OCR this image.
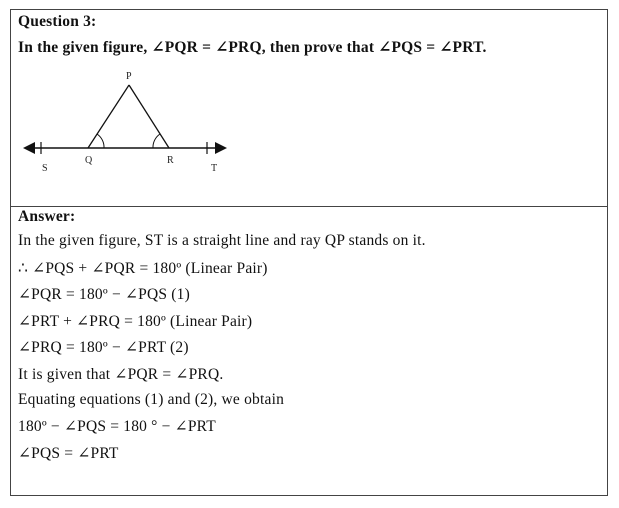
Question 3:
In the given figure, ∠PQR = ∠PRQ, then prove that ∠PQS = ∠PRT.
P
Q	R
S	T
Answer:
In the given figure, ST is a straight line and ray QP stands on it.
∴ ∠PQS + ∠PQR = 180º (Linear Pair)
∠PQR = 180º − ∠PQS (1)
∠PRT + ∠PRQ = 180º (Linear Pair)
∠PRQ = 180º − ∠PRT (2)
It is given that ∠PQR = ∠PRQ.
Equating equations (1) and (2), we obtain
180º − ∠PQS = 180 ° − ∠PRT
∠PQS = ∠PRT
